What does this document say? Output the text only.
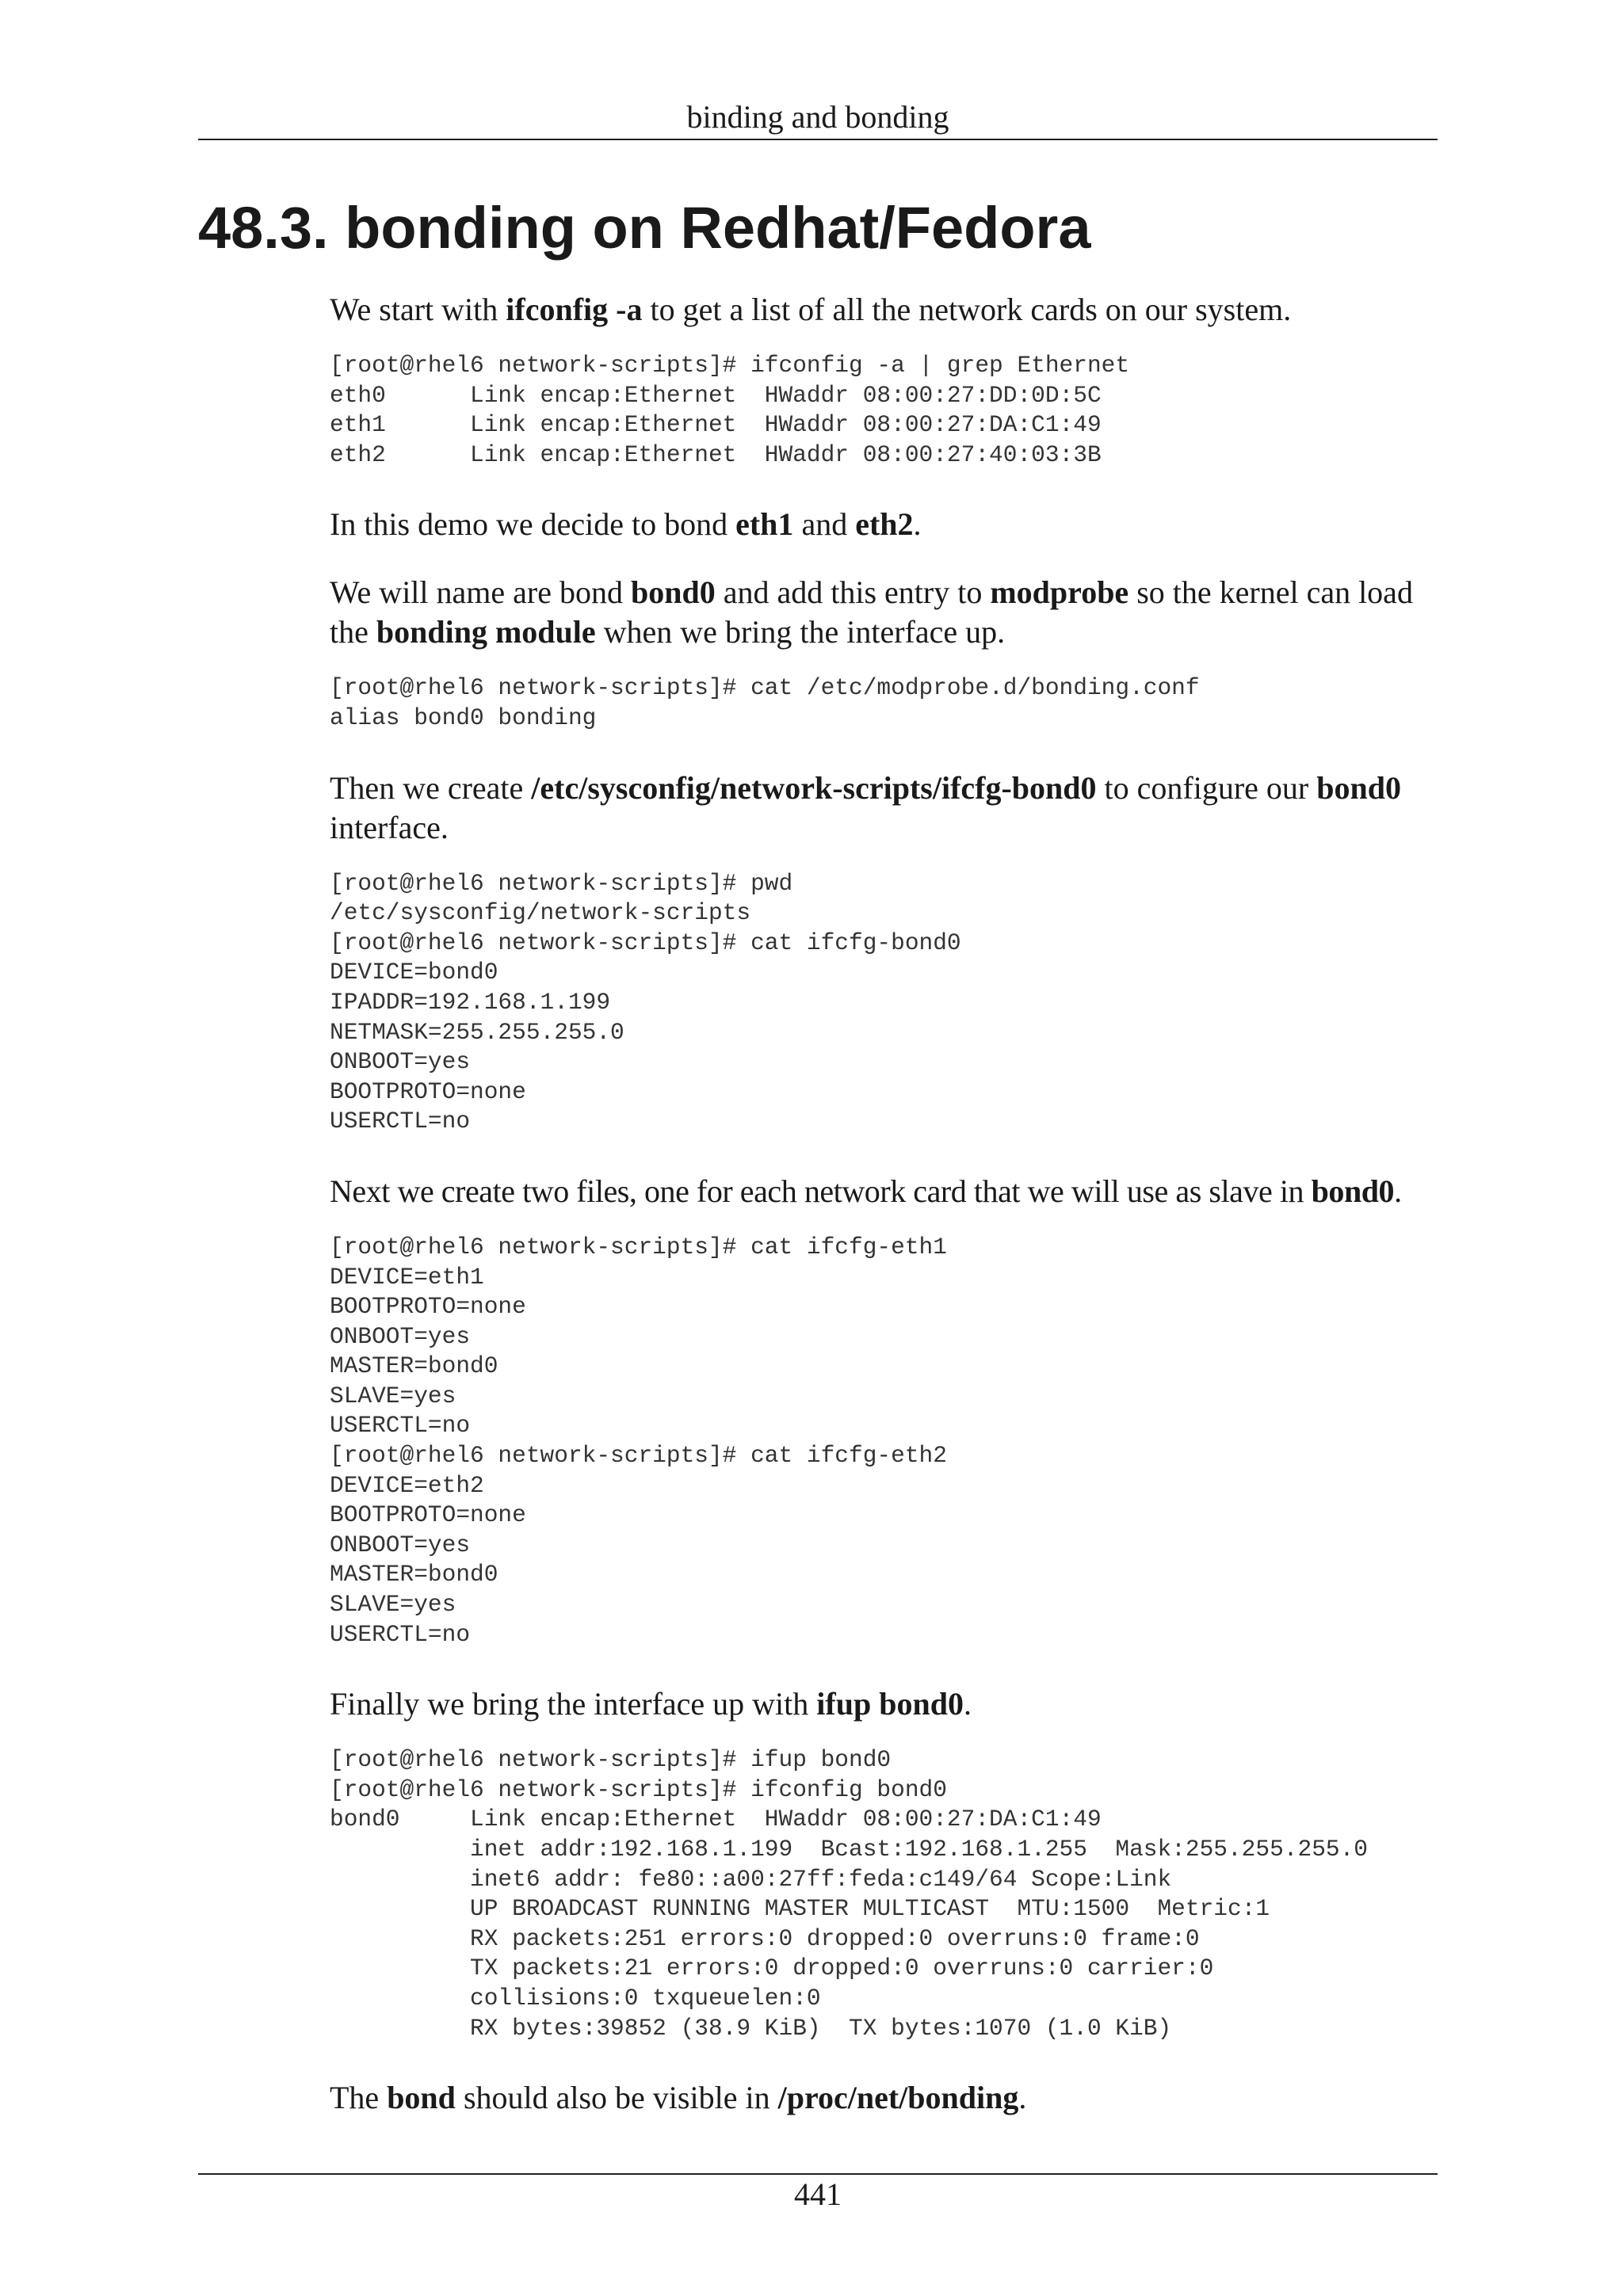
binding and bonding
48.3. bonding on Redhat/Fedora

We start with ifconfig -a to get a list of all the network cards on our system.

[root@rhel6 network-scripts]# ifconfig -a | grep Ethernet
eth0      Link encap:Ethernet  HWaddr 08:00:27:DD:0D:5C
eth1      Link encap:Ethernet  HWaddr 08:00:27:DA:C1:49
eth2      Link encap:Ethernet  HWaddr 08:00:27:40:03:3B

In this demo we decide to bond eth1 and eth2.

We will name are bond bond0 and add this entry to modprobe so the kernel can load the bonding module when we bring the interface up.

[root@rhel6 network-scripts]# cat /etc/modprobe.d/bonding.conf
alias bond0 bonding

Then we create /etc/sysconfig/network-scripts/ifcfg-bond0 to configure our bond0 interface.

[root@rhel6 network-scripts]# pwd
/etc/sysconfig/network-scripts
[root@rhel6 network-scripts]# cat ifcfg-bond0
DEVICE=bond0
IPADDR=192.168.1.199
NETMASK=255.255.255.0
ONBOOT=yes
BOOTPROTO=none
USERCTL=no

Next we create two files, one for each network card that we will use as slave in bond0.

[root@rhel6 network-scripts]# cat ifcfg-eth1
DEVICE=eth1
BOOTPROTO=none
ONBOOT=yes
MASTER=bond0
SLAVE=yes
USERCTL=no
[root@rhel6 network-scripts]# cat ifcfg-eth2
DEVICE=eth2
BOOTPROTO=none
ONBOOT=yes
MASTER=bond0
SLAVE=yes
USERCTL=no

Finally we bring the interface up with ifup bond0.

[root@rhel6 network-scripts]# ifup bond0
[root@rhel6 network-scripts]# ifconfig bond0
bond0     Link encap:Ethernet  HWaddr 08:00:27:DA:C1:49
inet addr:192.168.1.199  Bcast:192.168.1.255  Mask:255.255.255.0
inet6 addr: fe80::a00:27ff:feda:c149/64 Scope:Link
UP BROADCAST RUNNING MASTER MULTICAST  MTU:1500  Metric:1
RX packets:251 errors:0 dropped:0 overruns:0 frame:0
TX packets:21 errors:0 dropped:0 overruns:0 carrier:0
collisions:0 txqueuelen:0
RX bytes:39852 (38.9 KiB)  TX bytes:1070 (1.0 KiB)

The bond should also be visible in /proc/net/bonding.

441
